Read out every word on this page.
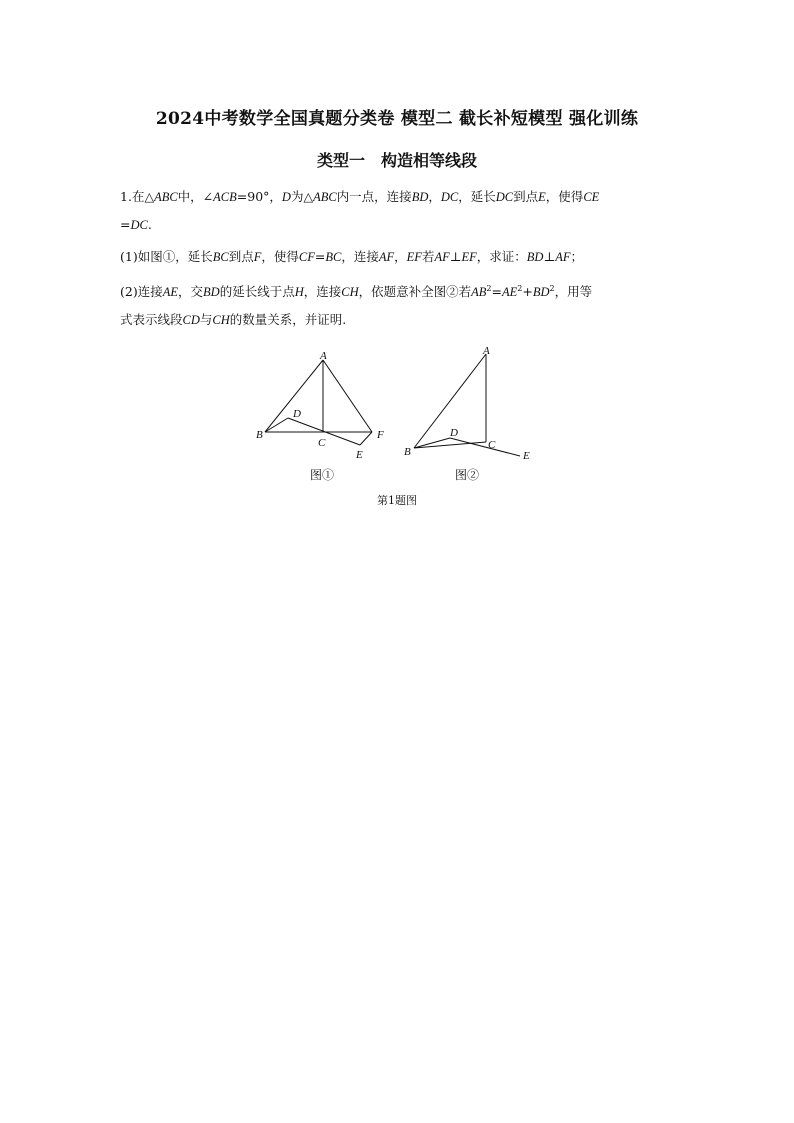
2024中考数学全国真题分类卷 模型二 截长补短模型 强化训练
类型一　构造相等线段
1.在△ABC中，∠ACB=90°，D为△ABC内一点，连接BD，DC，延长DC到点E，使得CE
=DC.
(1)如图①，延长BC到点F，使得CF=BC，连接AF，EF若AF⊥EF，求证：BD⊥AF；
(2)连接AE，交BD的延长线于点H，连接CH，依题意补全图②若$AB^2=AE^2+BD^2$，用等
式表示线段CD与CH的数量关系，并证明.
A
B
C
D
E
F
A
B
C
D
E
图①	图②
第1题图
